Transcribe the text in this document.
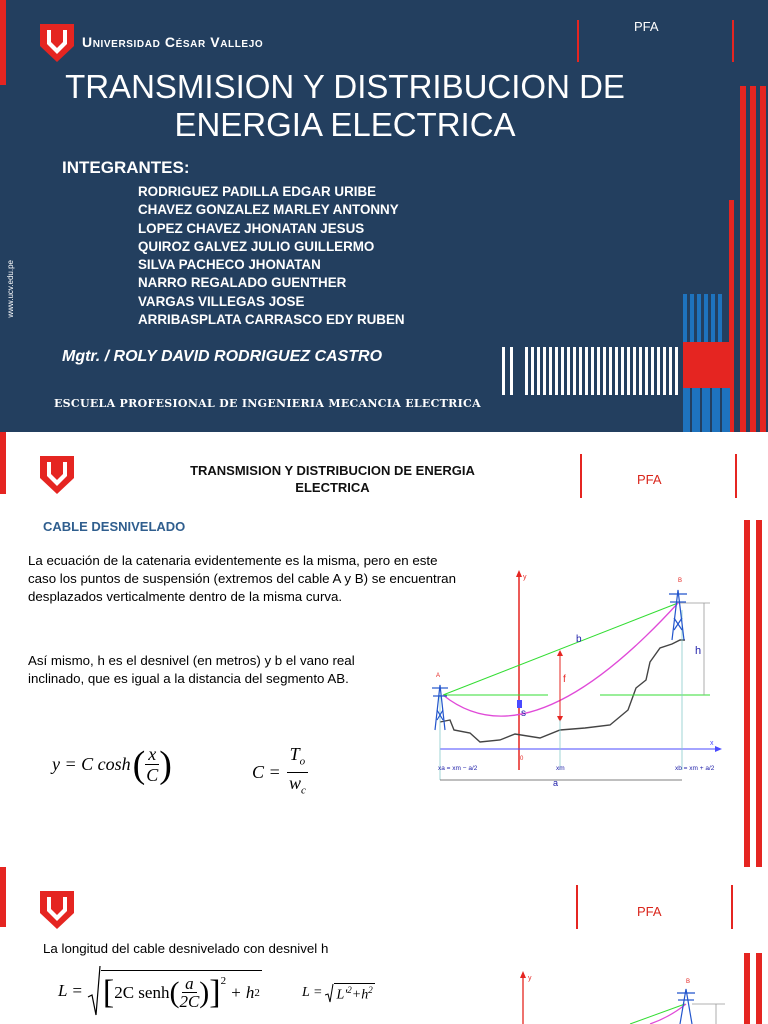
Universidad César Vallejo
PFA
TRANSMISION Y DISTRIBUCION DE
ENERGIA ELECTRICA
INTEGRANTES:
RODRIGUEZ PADILLA EDGAR URIBE
CHAVEZ GONZALEZ MARLEY ANTONNY
LOPEZ CHAVEZ JHONATAN JESUS
QUIROZ GALVEZ JULIO GUILLERMO
SILVA PACHECO JHONATAN
NARRO REGALADO GUENTHER
VARGAS VILLEGAS JOSE
ARRIBASPLATA CARRASCO EDY RUBEN
Mgtr. / ROLY DAVID RODRIGUEZ CASTRO
ESCUELA PROFESIONAL DE INGENIERIA MECANCIA ELECTRICA
www.ucv.edu.pe
TRANSMISION Y DISTRIBUCION DE ENERGIA
ELECTRICA
PFA
CABLE DESNIVELADO
La ecuación de la catenaria evidentemente es la misma, pero en este caso los puntos de suspensión (extremos del cable A y B) se encuentran desplazados verticalmente dentro de la misma curva.
Así mismo, h es el desnivel (en metros) y b el vano real inclinado, que es igual a la distancia del segmento AB.
y = C cosh ( $\frac{x}{C}$ )	$C = \frac{T_o}{w_c}$
y
x
0
f
s
b
h
A
B
xa = xm − a/2	xm	xb = xm + a/2
a
PFA
La longitud del cable desnivelado con desnivel h
L = [ 2C senh ( $\frac{a}{2C}$ ) ]$^2$
+ h 2	$L = L'^2+h^2$
y	B
